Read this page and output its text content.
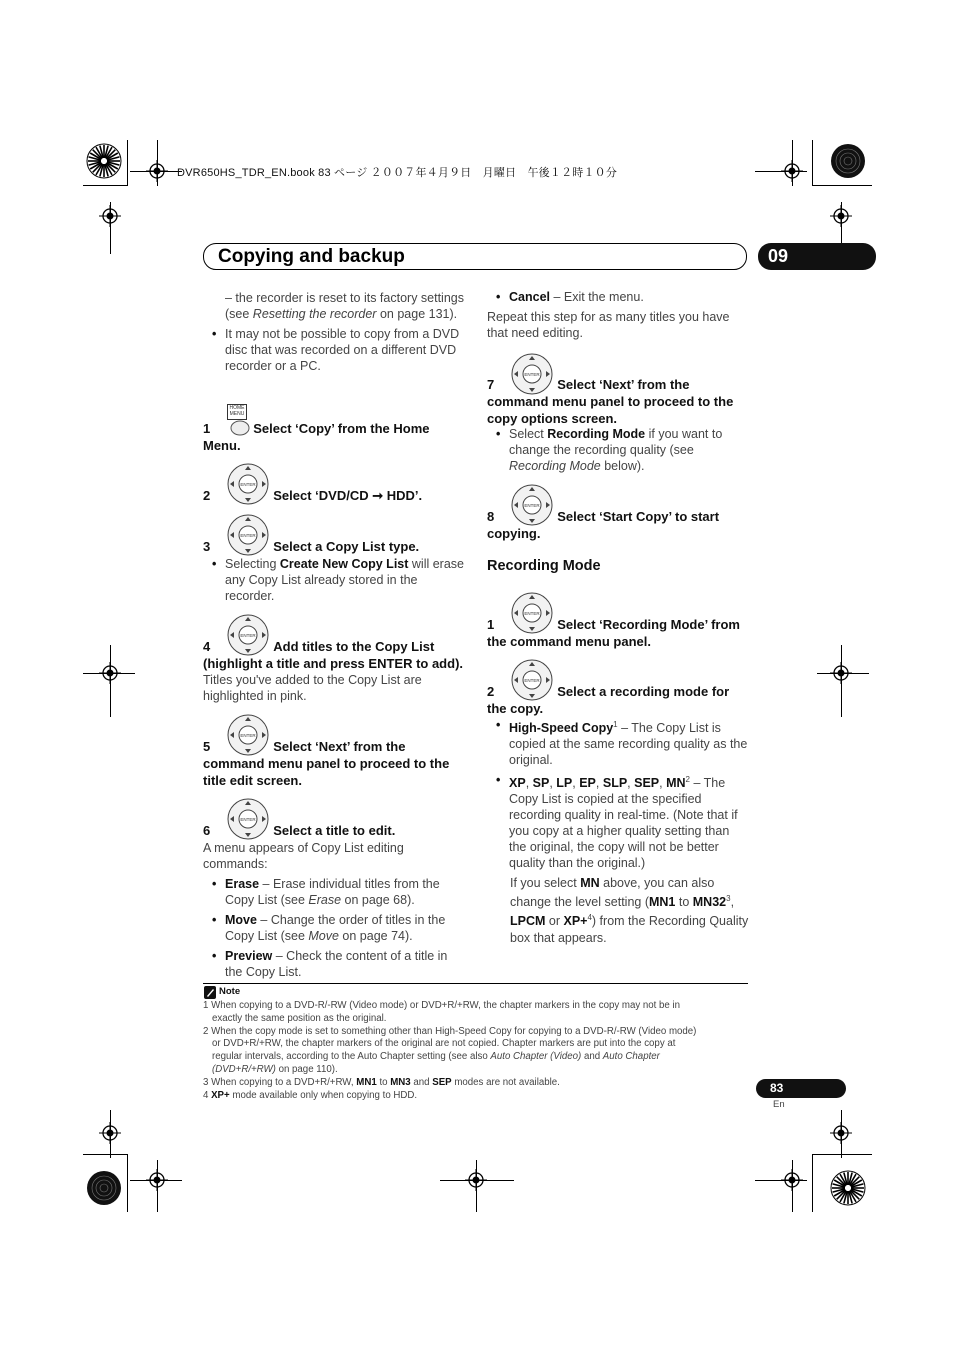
DVR650HS_TDR_EN.book 83 ページ ２００７年４月９日　月曜日　午後１２時１０分
Copying and backup	09

– the recorder is reset to its factory settings (see Resetting the recorder on page 131).

• It may not be possible to copy from a DVD disc that was recorded on a different DVD recorder or a PC.

HOME MENU
1	Select ‘Copy’ from the Home Menu.
2	Select ‘DVD/CD ➞ HDD’.
3	Select a Copy List type.

• Selecting Create New Copy List will erase any Copy List already stored in the recorder.

4	Add titles to the Copy List
(highlight a title and press ENTER to add).
Titles you've added to the Copy List are highlighted in pink.
5	Select ‘Next’ from the
command menu panel to proceed to the title edit screen.
6	Select a title to edit.

A menu appears of Copy List editing commands:

• Erase – Erase individual titles from the Copy List (see Erase on page 68).

• Move – Change the order of titles in the Copy List (see Move on page 74).

• Preview – Check the content of a title in the Copy List.

• Cancel – Exit the menu.

Repeat this step for as many titles you have that need editing.

7	Select ‘Next’ from the
command menu panel to proceed to the copy options screen.

• Select Recording Mode if you want to change the recording quality (see Recording Mode below).

8	Select ‘Start Copy’ to start
copying.
Recording Mode
1	Select ‘Recording Mode’ from
the command menu panel.
2	Select a recording mode for
the copy.

• High-Speed Copy$^1$ – The Copy List is copied at the same recording quality as the original.

• XP, SP, LP, EP, SLP, SEP, $MN^2$ – The Copy List is copied at the specified recording quality in real-time. (Note that if you copy at a higher quality setting than the original, the copy will not be better quality than the original.)

If you select MN above, you can also change the level setting (MN1 to $MN32^3$, LPCM or XP+$^4$) from the Recording Quality box that appears.

Note

1 When copying to a DVD-R/-RW (Video mode) or DVD+R/+RW, the chapter markers in the copy may not be in

exactly the same position as the original.

2 When the copy mode is set to something other than High-Speed Copy for copying to a DVD-R/-RW (Video mode)

or DVD+R/+RW, the chapter markers of the original are not copied. Chapter markers are put into the copy at

regular intervals, according to the Auto Chapter setting (see also Auto Chapter (Video) and Auto Chapter

(DVD+R/+RW) on page 110).

3 When copying to a DVD+R/+RW, MN1 to MN3 and SEP modes are not available.

4 XP+ mode available only when copying to HDD.

83
En
